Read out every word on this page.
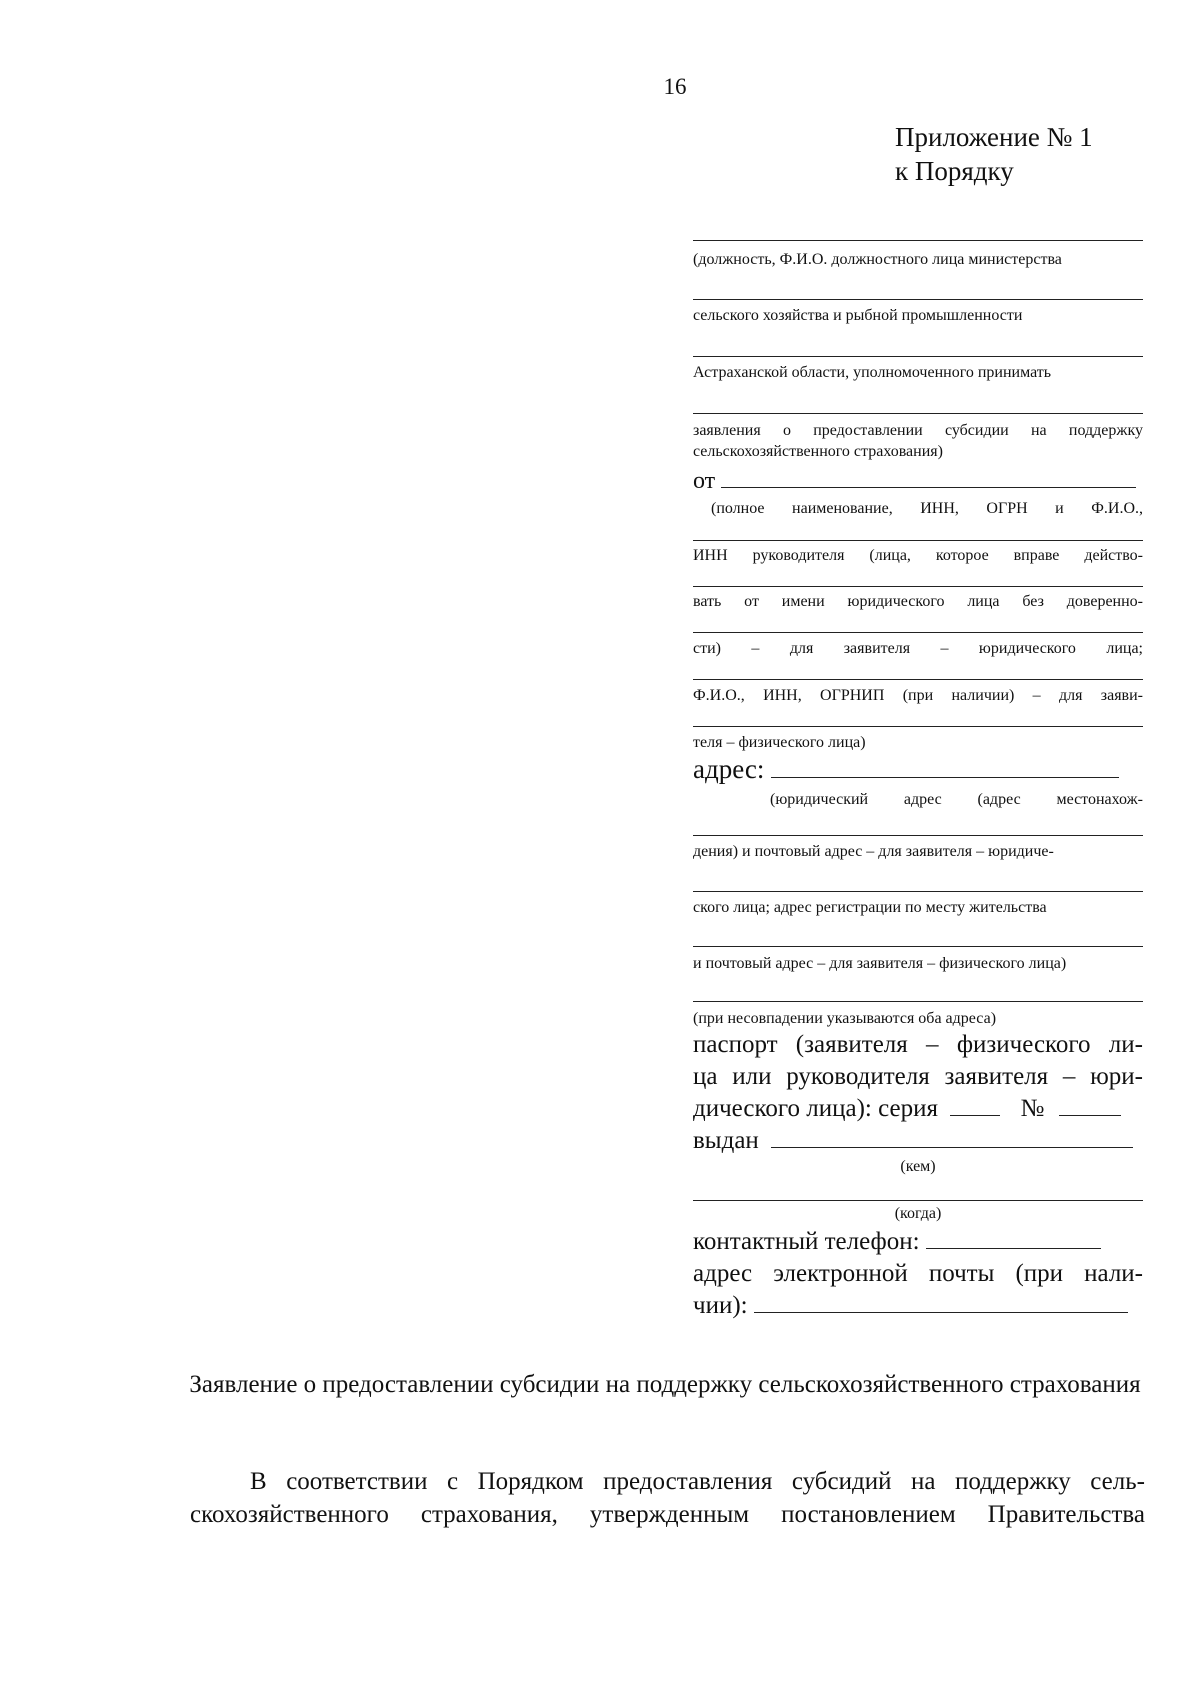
16
Приложение № 1
к Порядку
(должность, Ф.И.О. должностного лица министерства
сельского хозяйства и рыбной промышленности
Астраханской области, уполномоченного принимать
заявления о предоставлении субсидии на поддержку
сельскохозяйственного страхования)
от
(полное наименование, ИНН, ОГРН и Ф.И.О.,
ИНН руководителя (лица, которое вправе действо-
вать от имени юридического лица без доверенно-
сти) – для заявителя – юридического лица;
Ф.И.О., ИНН, ОГРНИП (при наличии) – для заяви-
теля – физического лица)
адрес:
(юридический адрес (адрес местонахож-
дения) и почтовый адрес – для заявителя – юридиче-
ского лица; адрес регистрации по месту жительства
и почтовый адрес – для заявителя – физического лица)
(при несовпадении указываются оба адреса)
паспорт (заявителя – физического ли-
ца или руководителя заявителя – юри-
дического лица): серия	№
выдан
(кем)
(когда)
контактный телефон:
адрес электронной почты (при нали-
чии):
Заявление о предоставлении субсидии на поддержку сельскохозяйственного страхования
В соответствии с Порядком предоставления субсидий на поддержку сель-
скохозяйственного страхования, утвержденным постановлением Правительства
